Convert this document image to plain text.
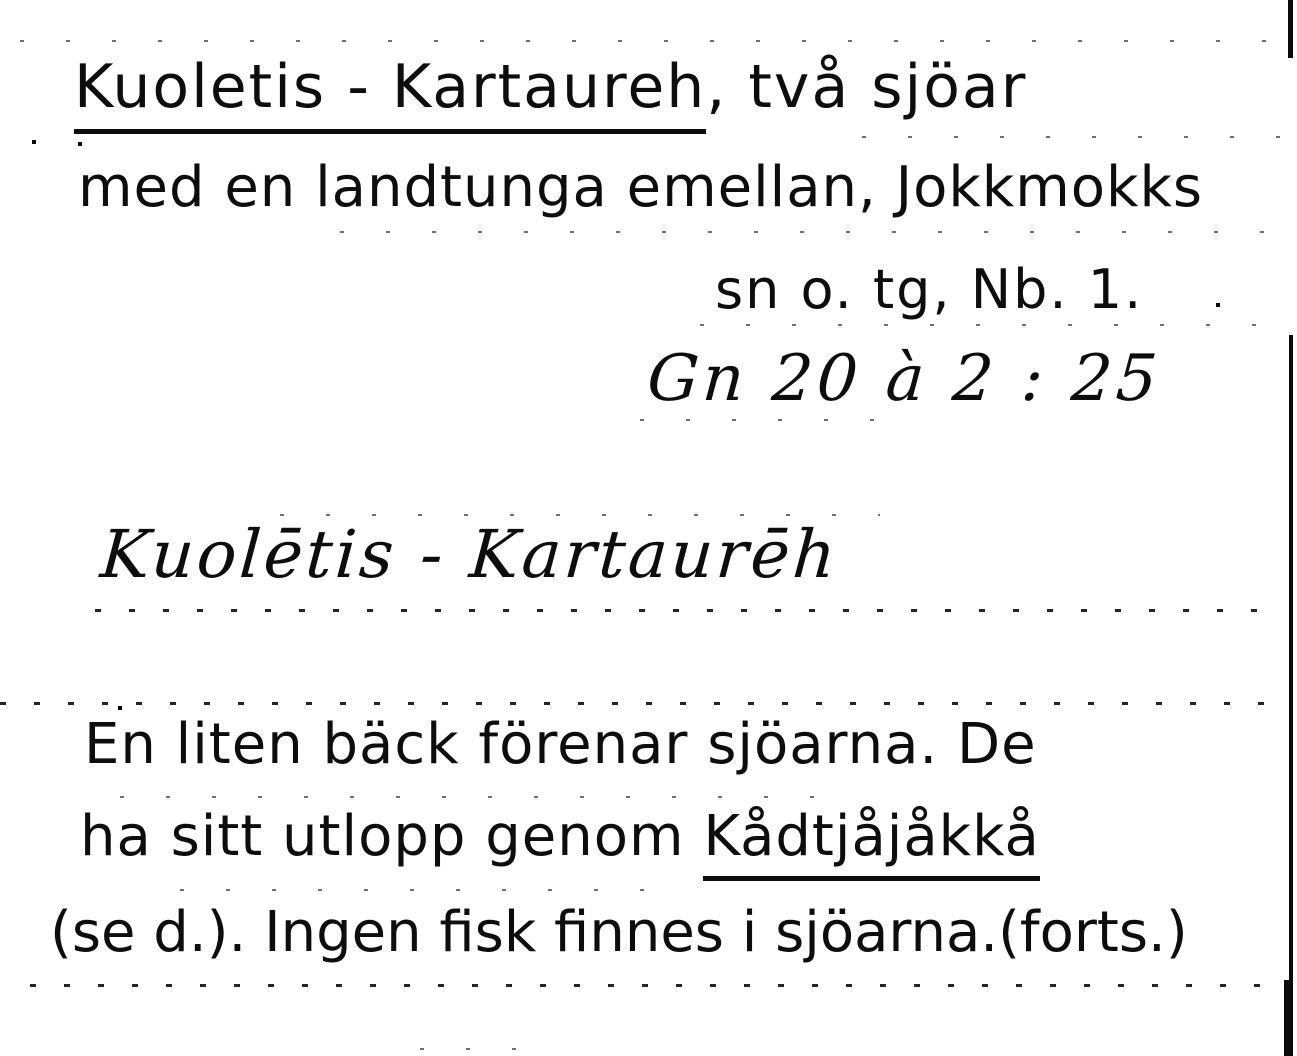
Kuoletis - Kartaureh, två sjöar
med en landtunga emellan, Jokkmokks
sn o. tg, Nb. 1.
Gn 20 à 2 : 25
Kuolētis - Kartaurēh
En liten bäck förenar sjöarna. De
ha sitt utlopp genom Kådtjåjåkkå
(se d.). Ingen fisk finnes i sjöarna.(forts.)
